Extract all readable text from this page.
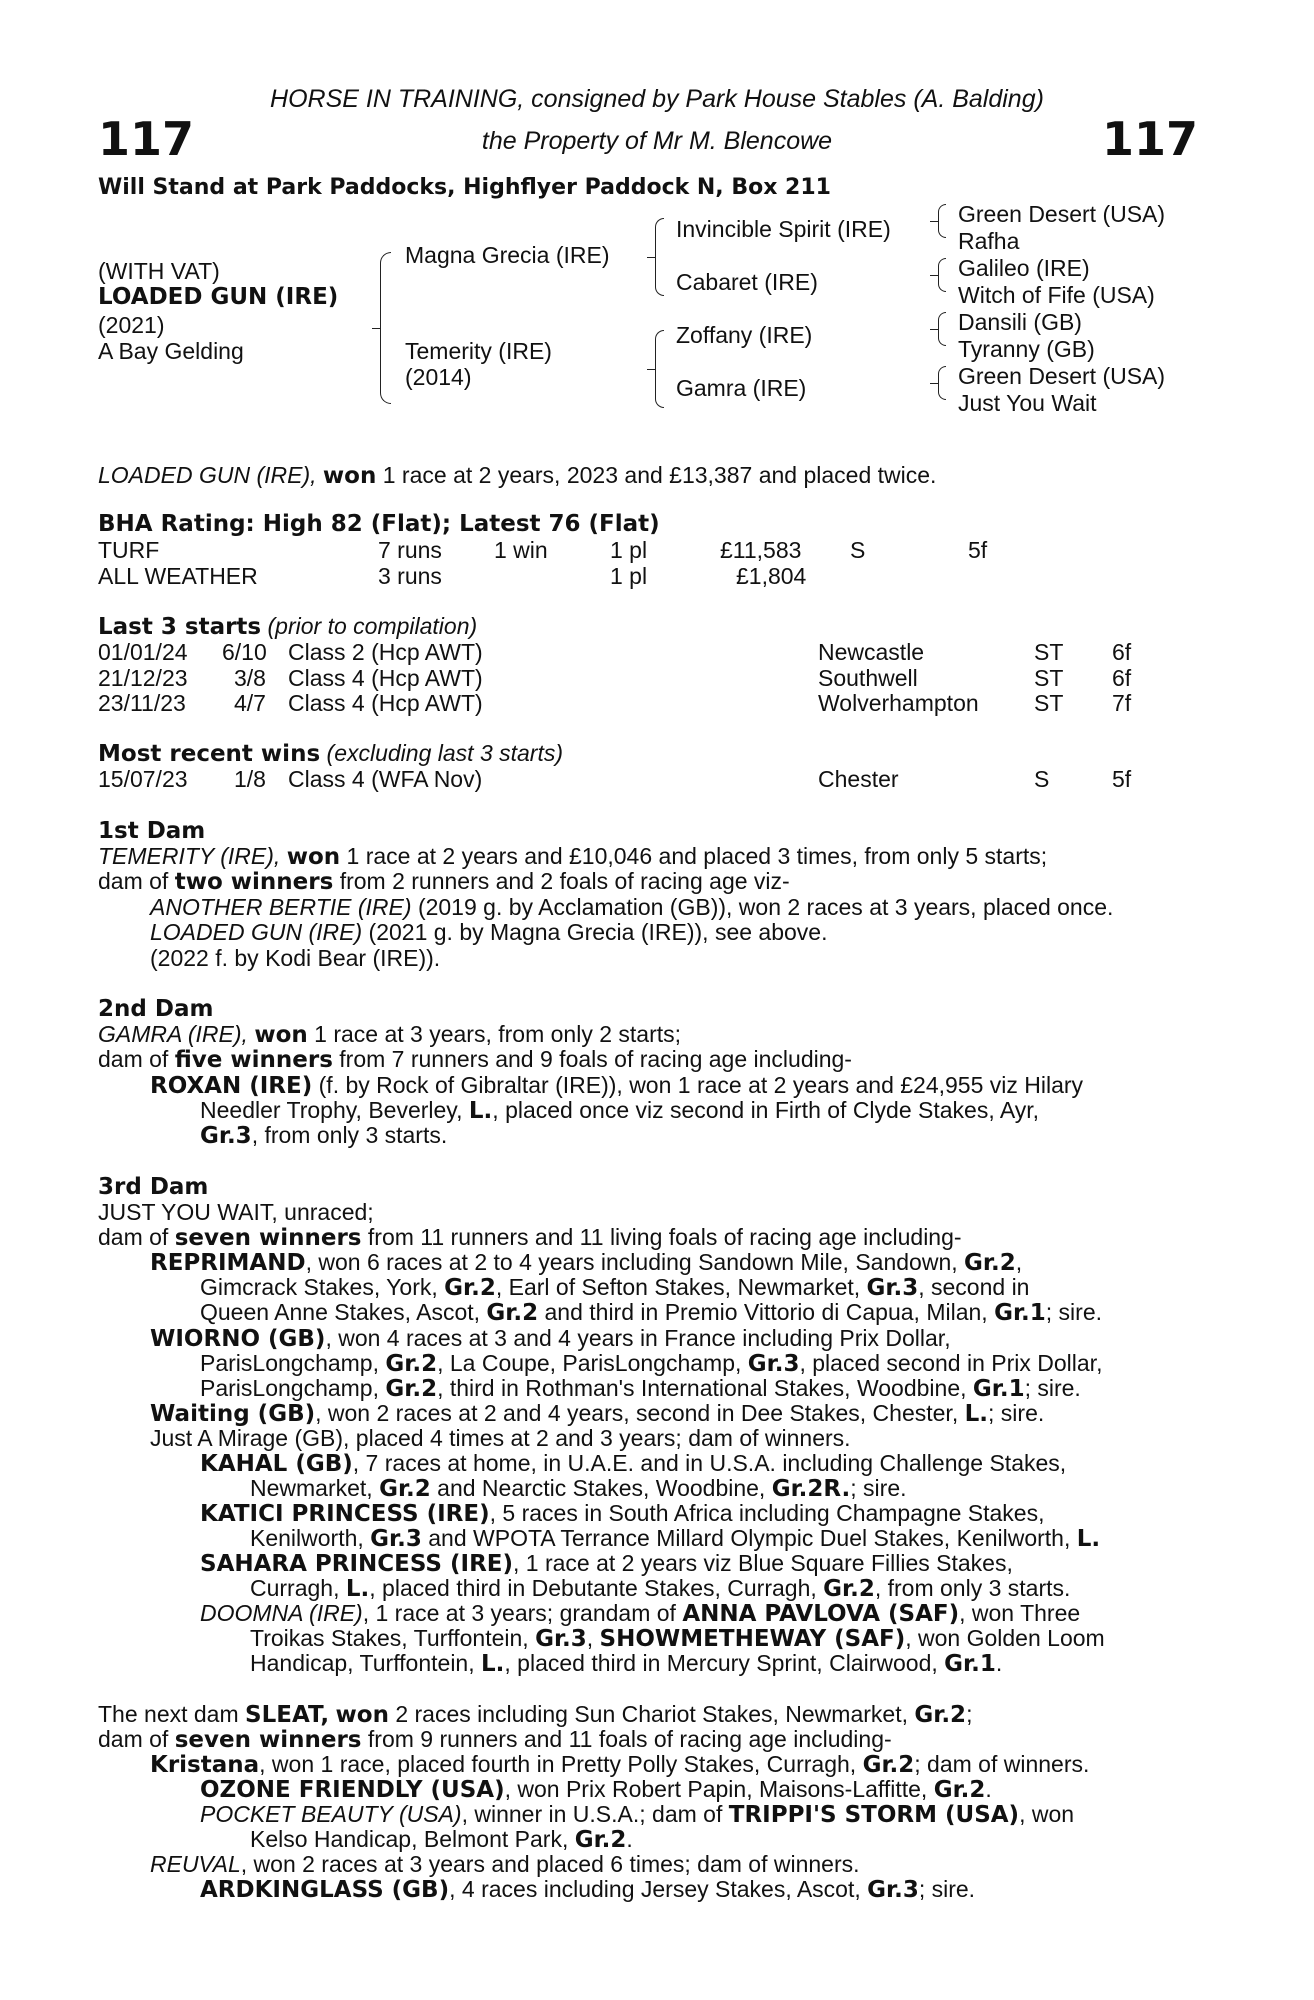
117	117
HORSE IN TRAINING, consigned by Park House Stables (A. Balding)
the Property of Mr M. Blencowe
Will Stand at Park Paddocks, Highflyer Paddock N, Box 211
(WITH VAT)
LOADED GUN (IRE)
(2021)
A Bay Gelding
Magna Grecia (IRE)
Temerity (IRE)
(2014)
Invincible Spirit (IRE)
Cabaret (IRE)
Zoffany (IRE)
Gamra (IRE)
Green Desert (USA)
Rafha
Galileo (IRE)
Witch of Fife (USA)
Dansili (GB)
Tyranny (GB)
Green Desert (USA)
Just You Wait
LOADED GUN (IRE), won 1 race at 2 years, 2023 and £13,387 and placed twice.
BHA Rating: High 82 (Flat); Latest 76 (Flat)
TURF	7 runs 1 win	1 pl	£11,583 S	5f
ALL WEATHER	3 runs	1 pl	£1,804
Last 3 starts (prior to compilation)
01/01/24 6/10 Class 2 (Hcp AWT)	Newcastle	ST 6f
21/12/23 3/8 Class 4 (Hcp AWT)	Southwell	ST 6f
23/11/23 4/7 Class 4 (Hcp AWT)	Wolverhampton ST 7f
Most recent wins (excluding last 3 starts)
15/07/23 1/8 Class 4 (WFA Nov)	Chester	S	5f
1st Dam
TEMERITY (IRE), won 1 race at 2 years and £10,046 and placed 3 times, from only 5 starts;
dam of two winners from 2 runners and 2 foals of racing age viz-
ANOTHER BERTIE (IRE) (2019 g. by Acclamation (GB)), won 2 races at 3 years, placed once.
LOADED GUN (IRE) (2021 g. by Magna Grecia (IRE)), see above.
(2022 f. by Kodi Bear (IRE)).
2nd Dam
GAMRA (IRE), won 1 race at 3 years, from only 2 starts;
dam of five winners from 7 runners and 9 foals of racing age including-
ROXAN (IRE) (f. by Rock of Gibraltar (IRE)), won 1 race at 2 years and £24,955 viz Hilary
Needler Trophy, Beverley, L., placed once viz second in Firth of Clyde Stakes, Ayr,
Gr.3, from only 3 starts.
3rd Dam
JUST YOU WAIT, unraced;
dam of seven winners from 11 runners and 11 living foals of racing age including-
REPRIMAND, won 6 races at 2 to 4 years including Sandown Mile, Sandown, Gr.2,
Gimcrack Stakes, York, Gr.2, Earl of Sefton Stakes, Newmarket, Gr.3, second in
Queen Anne Stakes, Ascot, Gr.2 and third in Premio Vittorio di Capua, Milan, Gr.1; sire.
WIORNO (GB), won 4 races at 3 and 4 years in France including Prix Dollar,
ParisLongchamp, Gr.2, La Coupe, ParisLongchamp, Gr.3, placed second in Prix Dollar,
ParisLongchamp, Gr.2, third in Rothman's International Stakes, Woodbine, Gr.1; sire.
Waiting (GB), won 2 races at 2 and 4 years, second in Dee Stakes, Chester, L.; sire.
Just A Mirage (GB), placed 4 times at 2 and 3 years; dam of winners.
KAHAL (GB), 7 races at home, in U.A.E. and in U.S.A. including Challenge Stakes,
Newmarket, Gr.2 and Nearctic Stakes, Woodbine, Gr.2R.; sire.
KATICI PRINCESS (IRE), 5 races in South Africa including Champagne Stakes,
Kenilworth, Gr.3 and WPOTA Terrance Millard Olympic Duel Stakes, Kenilworth, L.
SAHARA PRINCESS (IRE), 1 race at 2 years viz Blue Square Fillies Stakes,
Curragh, L., placed third in Debutante Stakes, Curragh, Gr.2, from only 3 starts.
DOOMNA (IRE), 1 race at 3 years; grandam of ANNA PAVLOVA (SAF), won Three
Troikas Stakes, Turffontein, Gr.3, SHOWMETHEWAY (SAF), won Golden Loom
Handicap, Turffontein, L., placed third in Mercury Sprint, Clairwood, Gr.1.
The next dam SLEAT, won 2 races including Sun Chariot Stakes, Newmarket, Gr.2;
dam of seven winners from 9 runners and 11 foals of racing age including-
Kristana, won 1 race, placed fourth in Pretty Polly Stakes, Curragh, Gr.2; dam of winners.
OZONE FRIENDLY (USA), won Prix Robert Papin, Maisons-Laffitte, Gr.2.
POCKET BEAUTY (USA), winner in U.S.A.; dam of TRIPPI'S STORM (USA), won
Kelso Handicap, Belmont Park, Gr.2.
REUVAL, won 2 races at 3 years and placed 6 times; dam of winners.
ARDKINGLASS (GB), 4 races including Jersey Stakes, Ascot, Gr.3; sire.
